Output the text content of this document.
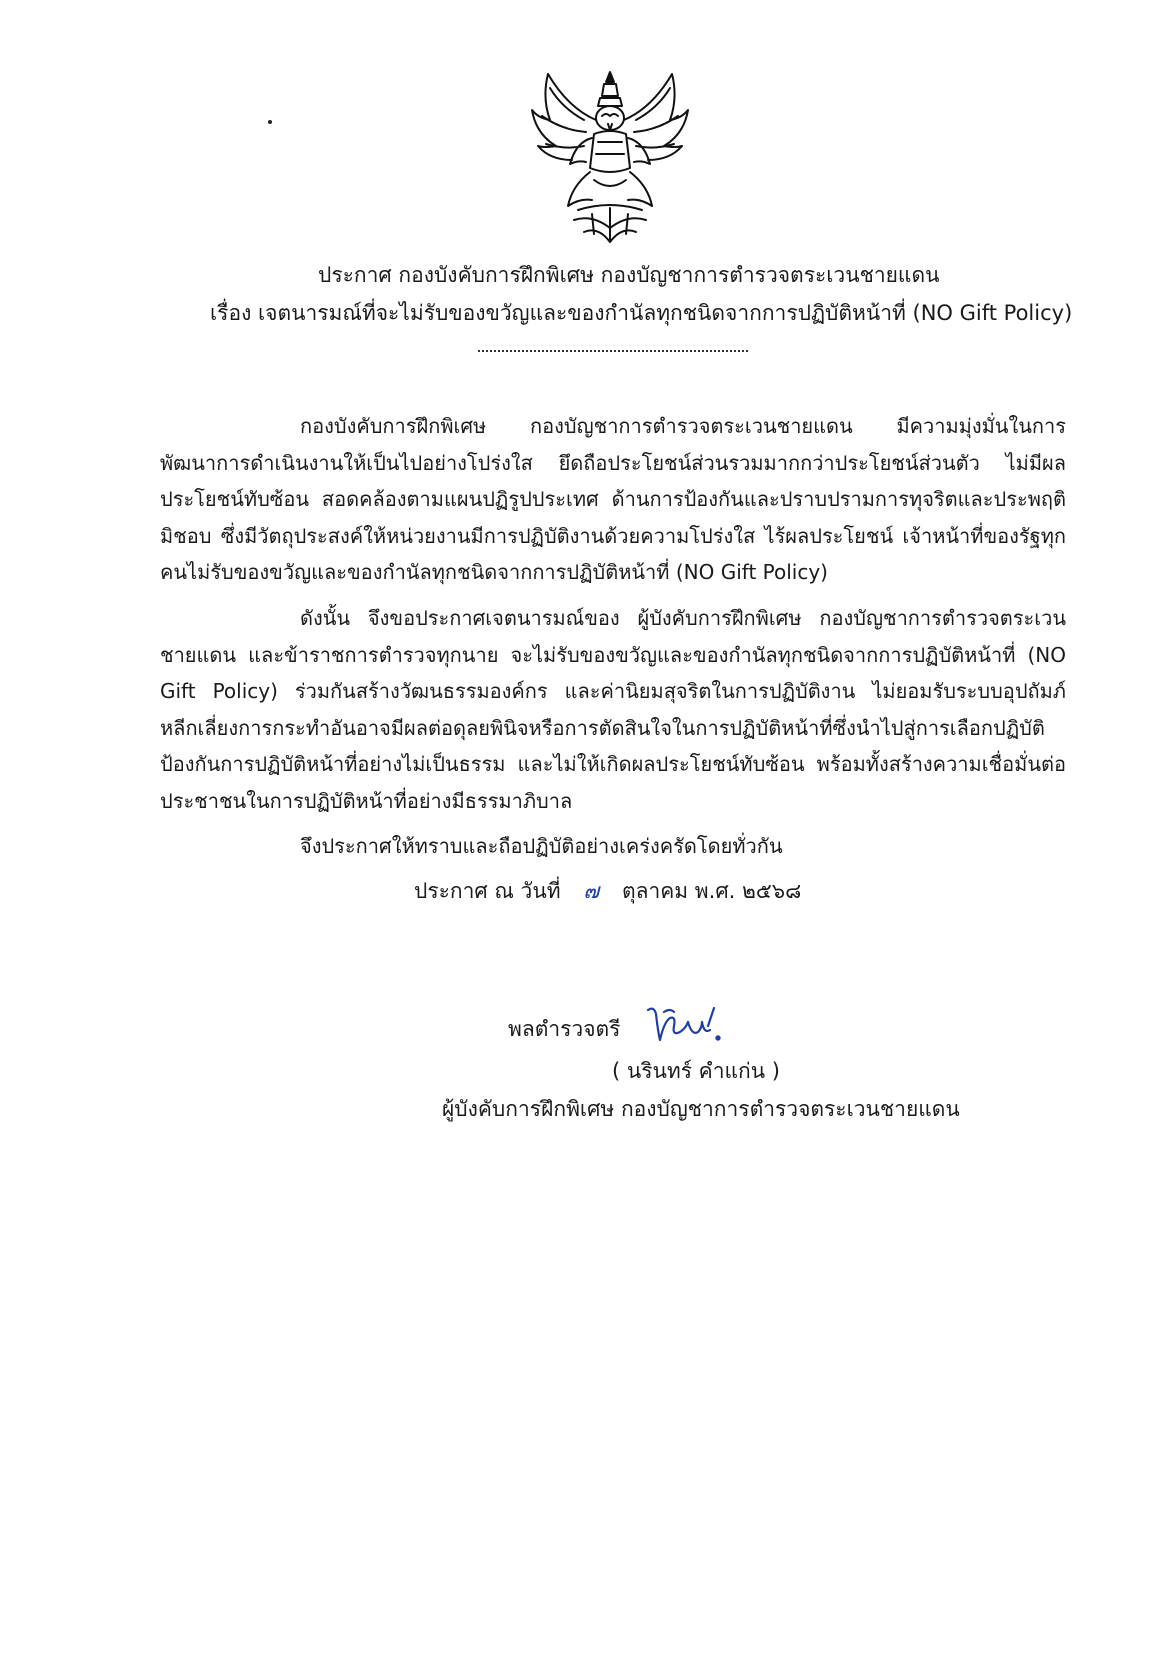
ประกาศ กองบังคับการฝึกพิเศษ กองบัญชาการตำรวจตระเวนชายแดน
เรื่อง เจตนารมณ์ที่จะไม่รับของขวัญและของกำนัลทุกชนิดจากการปฏิบัติหน้าที่ (NO Gift Policy)

กองบังคับการฝึกพิเศษ กองบัญชาการตำรวจตระเวนชายแดน มีความมุ่งมั่นในการพัฒนาการดำเนินงานให้เป็นไปอย่างโปร่งใส ยึดถือประโยชน์ส่วนรวมมากกว่าประโยชน์ส่วนตัว ไม่มีผลประโยชน์ทับซ้อน สอดคล้องตามแผนปฏิรูปประเทศ ด้านการป้องกันและปราบปรามการทุจริตและประพฤติมิชอบ ซึ่งมีวัตถุประสงค์ให้หน่วยงานมีการปฏิบัติงานด้วยความโปร่งใส ไร้ผลประโยชน์ เจ้าหน้าที่ของรัฐทุกคนไม่รับของขวัญและของกำนัลทุกชนิดจากการปฏิบัติหน้าที่ (NO Gift Policy)

ดังนั้น จึงขอประกาศเจตนารมณ์ของ ผู้บังคับการฝึกพิเศษ กองบัญชาการตำรวจตระเวนชายแดน และข้าราชการตำรวจทุกนาย จะไม่รับของขวัญและของกำนัลทุกชนิดจากการปฏิบัติหน้าที่ (NO Gift Policy) ร่วมกันสร้างวัฒนธรรมองค์กร และค่านิยมสุจริตในการปฏิบัติงาน ไม่ยอมรับระบบอุปถัมภ์ หลีกเลี่ยงการกระทำอันอาจมีผลต่อดุลยพินิจหรือการตัดสินใจในการปฏิบัติหน้าที่ซึ่งนำไปสู่การเลือกปฏิบัติ ป้องกันการปฏิบัติหน้าที่อย่างไม่เป็นธรรม และไม่ให้เกิดผลประโยชน์ทับซ้อน พร้อมทั้งสร้างความเชื่อมั่นต่อประชาชนในการปฏิบัติหน้าที่อย่างมีธรรมาภิบาล

จึงประกาศให้ทราบและถือปฏิบัติอย่างเคร่งครัดโดยทั่วกัน

ประกาศ ณ วันที่ ๗ ตุลาคม พ.ศ. ๒๕๖๘
พลตำรวจตรี
( นรินทร์ คำแก่น )
ผู้บังคับการฝึกพิเศษ กองบัญชาการตำรวจตระเวนชายแดน
